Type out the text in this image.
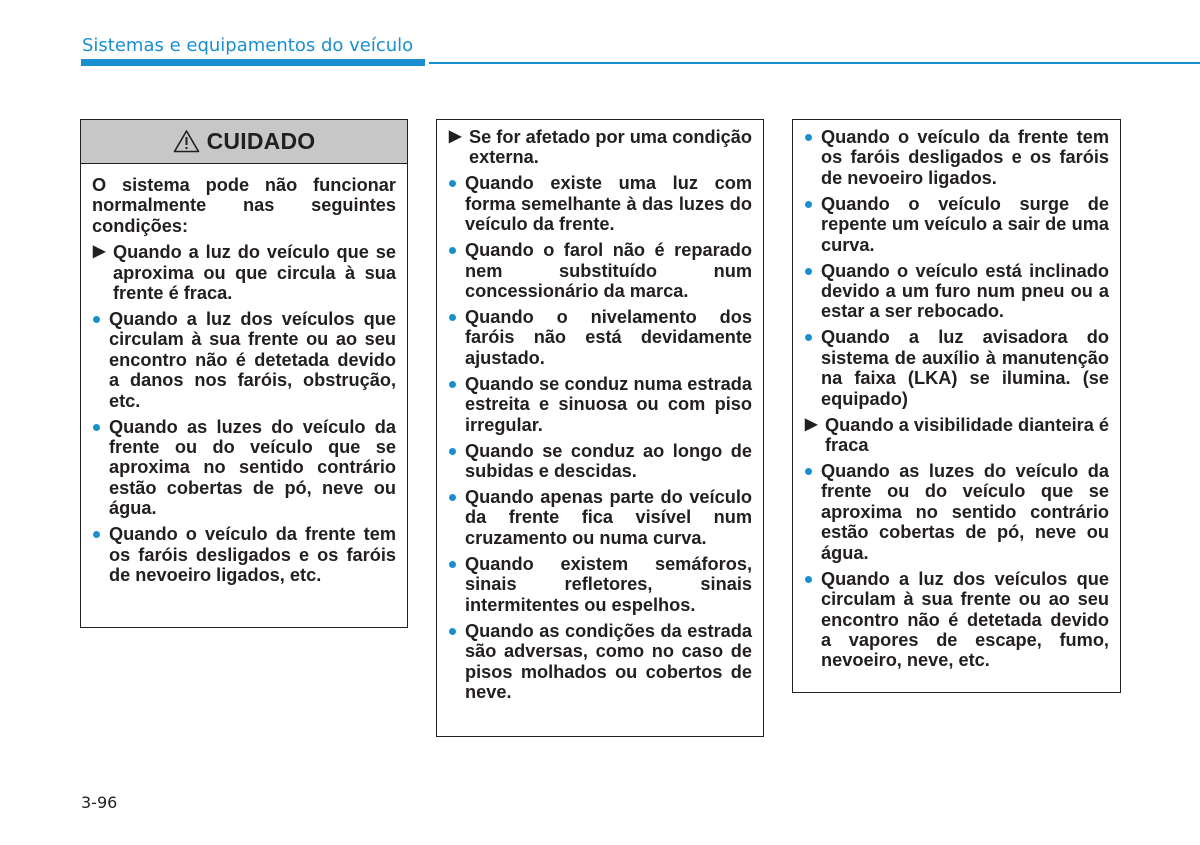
Sistemas e equipamentos do veículo
CUIDADO

O sistema pode não funcionar normalmente nas seguintes condições:

▶ Quando a luz do veículo que se aproxima ou que circula à sua frente é fraca.
Quando a luz dos veículos que circulam à sua frente ou ao seu encontro não é detetada devido a danos nos faróis, obstrução, etc.
Quando as luzes do veículo da frente ou do veículo que se aproxima no sentido contrário estão cobertas de pó, neve ou água.
Quando o veículo da frente tem os faróis desligados e os faróis de nevoeiro ligados, etc.
▶ Se for afetado por uma condição externa.
Quando existe uma luz com forma semelhante à das luzes do veículo da frente.
Quando o farol não é reparado nem substituído num concessionário da marca.
Quando o nivelamento dos faróis não está devidamente ajustado.
Quando se conduz numa estrada estreita e sinuosa ou com piso irregular.
Quando se conduz ao longo de subidas e descidas.
Quando apenas parte do veículo da frente fica visível num cruzamento ou numa curva.
Quando existem semáforos, sinais refletores, sinais intermitentes ou espelhos.
Quando as condições da estrada são adversas, como no caso de pisos molhados ou cobertos de neve.
Quando o veículo da frente tem os faróis desligados e os faróis de nevoeiro ligados.
Quando o veículo surge de repente um veículo a sair de uma curva.
Quando o veículo está inclinado devido a um furo num pneu ou a estar a ser rebocado.
Quando a luz avisadora do sistema de auxílio à manutenção na faixa (LKA) se ilumina. (se equipado)
▶ Quando a visibilidade dianteira é fraca
Quando as luzes do veículo da frente ou do veículo que se aproxima no sentido contrário estão cobertas de pó, neve ou água.
Quando a luz dos veículos que circulam à sua frente ou ao seu encontro não é detetada devido a vapores de escape, fumo, nevoeiro, neve, etc.
3-96
